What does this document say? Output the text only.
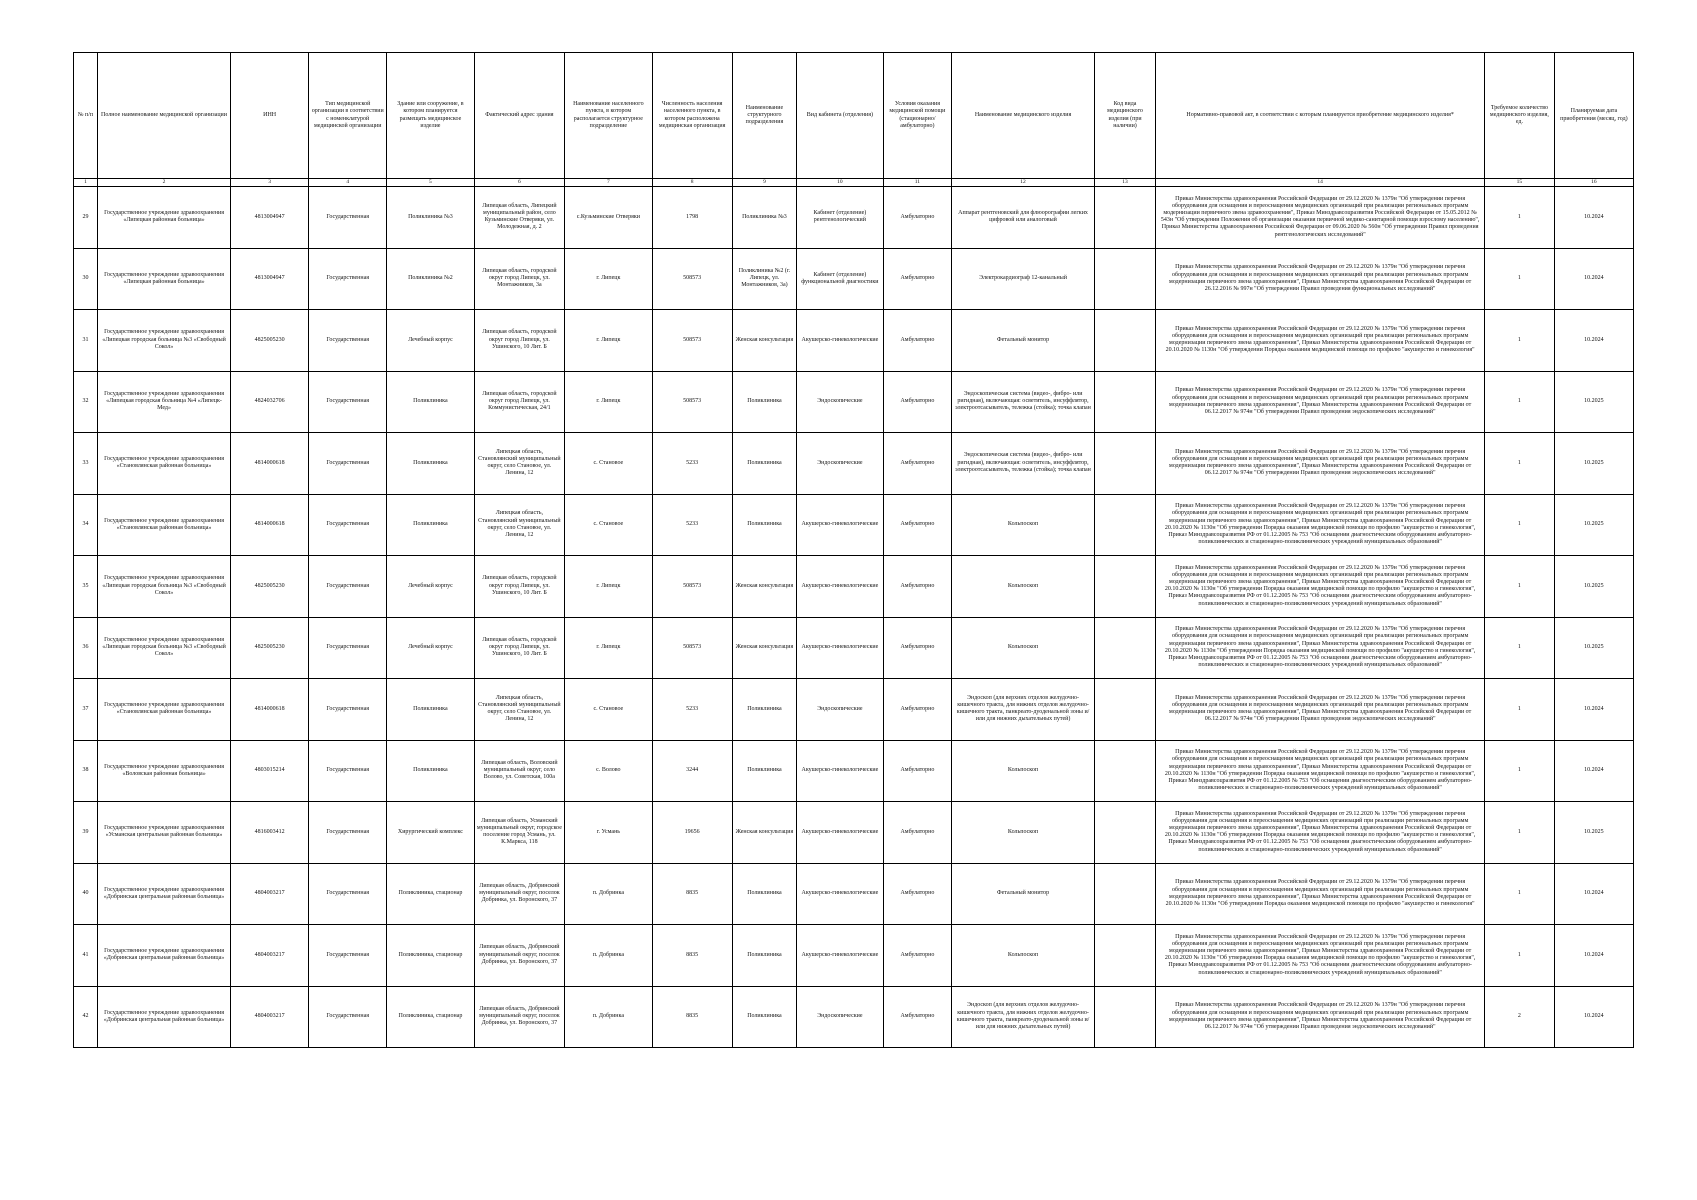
№ п/п	Полное наименование медицинской организации	ИНН	Тип медицинской организации в соответствии с номенклатурой медицинской организации	Здание или сооружение, в котором планируется размещать медицинское изделие	Фактический адрес здания	Наименование населенного пункта, в котором располагается структурное подразделение	Численность населения населенного пункта, в котором расположена медицинская организация	Наименование структурного подразделения	Вид кабинета (отделения)	Условия оказания медицинской помощи (стационарно/амбулаторно)	Наименование медицинского изделия	Код вида медицинского изделия (при наличии)	Нормативно-правовой акт, в соответствии с которым планируется приобретение медицинского изделия*	Требуемое количество медицинского изделия, ед.	Планируемая дата приобретения (месяц, год)
1	2	3	4	5	6	7	8	9	10	11	12	13	14	15	16
29	Государственное учреждение здравоохранения «Липецкая районная больница»	4813004947	Государственная	Поликлиника №3	Липецкая область, Липецкий муниципальный район, село Кузьминские Отверяки, ул. Молодежная, д. 2	с.Кузьминские Отверяки	1798	Поликлиника №3	Кабинет (отделение) рентгенологический	Амбулаторно	Аппарат рентгеновский для флюорографии легких цифровой или аналоговый		Приказ Министерства здравоохранения Российской Федерации от 29.12.2020 № 1379н "Об утверждении перечня оборудования для оснащения и переоснащения медицинских организаций при реализации региональных программ модернизации первичного звена здравоохранения", Приказ Минздравсоцразвития Российской Федерации от 15.05.2012 № 543н "Об утверждении Положения об организации оказания первичной медико-санитарной помощи взрослому населению", Приказ Министерства здравоохранения Российской Федерации от 09.06.2020 № 560н "Об утверждении Правил проведения рентгенологических исследований"	1	10.2024
30	Государственное учреждение здравоохранения «Липецкая районная больница»	4813004947	Государственная	Поликлиника №2	Липецкая область, городской округ город Липецк, ул. Монтажников, 3а	г. Липецк	508573	Поликлиника №2 (г. Липецк, ул. Монтажников, 3а)	Кабинет (отделение) функциональной диагностики	Амбулаторно	Электрокардиограф 12-канальный		Приказ Министерства здравоохранения Российской Федерации от 29.12.2020 № 1379н "Об утверждении перечня оборудования для оснащения и переоснащения медицинских организаций при реализации региональных программ модернизации первичного звена здравоохранения", Приказ Министерства здравоохранения Российской Федерации от 26.12.2016 № 997н "Об утверждении Правил проведения функциональных исследований"	1	10.2024
31	Государственное учреждение здравоохранения «Липецкая городская больница №3 «Свободный Сокол»	4825005230	Государственная	Лечебный корпус	Липецкая область, городской округ город Липецк, ул. Ушинского, 10 Лит. Б	г. Липецк	508573	Женская консультация	Акушерско-гинекологические	Амбулаторно	Фетальный монитор		Приказ Министерства здравоохранения Российской Федерации от 29.12.2020 № 1379н "Об утверждении перечня оборудования для оснащения и переоснащения медицинских организаций при реализации региональных программ модернизации первичного звена здравоохранения", Приказ Министерства здравоохранения Российской Федерации от 20.10.2020 № 1130н "Об утверждении Порядка оказания медицинской помощи по профилю "акушерство и гинекология"	1	10.2024
32	Государственное учреждение здравоохранения «Липецкая городская больница №4 «Липецк-Мед»	4824032706	Государственная	Поликлиника	Липецкая область, городской округ город Липецк, ул. Коммунистическая, 24/1	г. Липецк	508573	Поликлиника	Эндоскопические	Амбулаторно	Эндоскопическая система (видео-, фибро- или ригидная), включающая: осветитель, инсуффлятор, электроотсасыватель, тележка (стойка); точка клапан		Приказ Министерства здравоохранения Российской Федерации от 29.12.2020 № 1379н "Об утверждении перечня оборудования для оснащения и переоснащения медицинских организаций при реализации региональных программ модернизации первичного звена здравоохранения", Приказ Министерства здравоохранения Российской Федерации от 06.12.2017 № 974н "Об утверждении Правил проведения эндоскопических исследований"	1	10.2025
33	Государственное учреждение здравоохранения «Становлянская районная больница»	4814000618	Государственная	Поликлиника	Липецкая область, Становлянский муниципальный округ, село Становое, ул. Ленина, 12	с. Становое	5233	Поликлиника	Эндоскопические	Амбулаторно	Эндоскопическая система (видео-, фибро- или ригидная), включающая: осветитель, инсуффлятор, электроотсасыватель, тележка (стойка); точка клапан		Приказ Министерства здравоохранения Российской Федерации от 29.12.2020 № 1379н "Об утверждении перечня оборудования для оснащения и переоснащения медицинских организаций при реализации региональных программ модернизации первичного звена здравоохранения", Приказ Министерства здравоохранения Российской Федерации от 06.12.2017 № 974н "Об утверждении Правил проведения эндоскопических исследований"	1	10.2025
34	Государственное учреждение здравоохранения «Становлянская районная больница»	4814000618	Государственная	Поликлиника	Липецкая область, Становлянский муниципальный округ, село Становое, ул. Ленина, 12	с. Становое	5233	Поликлиника	Акушерско-гинекологические	Амбулаторно	Кольпоскоп		Приказ Министерства здравоохранения Российской Федерации от 29.12.2020 № 1379н "Об утверждении перечня оборудования для оснащения и переоснащения медицинских организаций при реализации региональных программ модернизации первичного звена здравоохранения", Приказ Министерства здравоохранения Российской Федерации от 20.10.2020 № 1130н "Об утверждении Порядка оказания медицинской помощи по профилю "акушерство и гинекология", Приказ Минздравсоцразвития РФ от 01.12.2005 № 753 "Об оснащении диагностическим оборудованием амбулаторно-поликлинических и стационарно-поликлинических учреждений муниципальных образований"	1	10.2025
35	Государственное учреждение здравоохранения «Липецкая городская больница №3 «Свободный Сокол»	4825005230	Государственная	Лечебный корпус	Липецкая область, городской округ город Липецк, ул. Ушинского, 10 Лит. Б	г. Липецк	508573	Женская консультация	Акушерско-гинекологические	Амбулаторно	Кольпоскоп		Приказ Министерства здравоохранения Российской Федерации от 29.12.2020 № 1379н "Об утверждении перечня оборудования для оснащения и переоснащения медицинских организаций при реализации региональных программ модернизации первичного звена здравоохранения", Приказ Министерства здравоохранения Российской Федерации от 20.10.2020 № 1130н "Об утверждении Порядка оказания медицинской помощи по профилю "акушерство и гинекология", Приказ Минздравсоцразвития РФ от 01.12.2005 № 753 "Об оснащении диагностическим оборудованием амбулаторно-поликлинических и стационарно-поликлинических учреждений муниципальных образований"	1	10.2025
36	Государственное учреждение здравоохранения «Липецкая городская больница №3 «Свободный Сокол»	4825005230	Государственная	Лечебный корпус	Липецкая область, городской округ город Липецк, ул. Ушинского, 10 Лит. Б	г. Липецк	508573	Женская консультация	Акушерско-гинекологические	Амбулаторно	Кольпоскоп		Приказ Министерства здравоохранения Российской Федерации от 29.12.2020 № 1379н "Об утверждении перечня оборудования для оснащения и переоснащения медицинских организаций при реализации региональных программ модернизации первичного звена здравоохранения", Приказ Министерства здравоохранения Российской Федерации от 20.10.2020 № 1130н "Об утверждении Порядка оказания медицинской помощи по профилю "акушерство и гинекология", Приказ Минздравсоцразвития РФ от 01.12.2005 № 753 "Об оснащении диагностическим оборудованием амбулаторно-поликлинических и стационарно-поликлинических учреждений муниципальных образований"	1	10.2025
37	Государственное учреждение здравоохранения «Становлянская районная больница»	4814000618	Государственная	Поликлиника	Липецкая область, Становлянский муниципальный округ, село Становое, ул. Ленина, 12	с. Становое	5233	Поликлиника	Эндоскопические	Амбулаторно	Эндоскоп (для верхних отделов желудочно-кишечного тракта, для нижних отделов желудочно-кишечного тракта, панкреато-дуоденальной зоны и/или для нижних дыхательных путей)		Приказ Министерства здравоохранения Российской Федерации от 29.12.2020 № 1379н "Об утверждении перечня оборудования для оснащения и переоснащения медицинских организаций при реализации региональных программ модернизации первичного звена здравоохранения", Приказ Министерства здравоохранения Российской Федерации от 06.12.2017 № 974н "Об утверждении Правил проведения эндоскопических исследований"	1	10.2024
38	Государственное учреждение здравоохранения «Воловская районная больница»	4803015214	Государственная	Поликлиника	Липецкая область, Воловский муниципальный округ, село Волово, ул. Советская, 100а	с. Волово	3244	Поликлиника	Акушерско-гинекологические	Амбулаторно	Кольпоскоп		Приказ Министерства здравоохранения Российской Федерации от 29.12.2020 № 1379н "Об утверждении перечня оборудования для оснащения и переоснащения медицинских организаций при реализации региональных программ модернизации первичного звена здравоохранения", Приказ Министерства здравоохранения Российской Федерации от 20.10.2020 № 1130н "Об утверждении Порядка оказания медицинской помощи по профилю "акушерство и гинекология", Приказ Минздравсоцразвития РФ от 01.12.2005 № 753 "Об оснащении диагностическим оборудованием амбулаторно-поликлинических и стационарно-поликлинических учреждений муниципальных образований"	1	10.2024
39	Государственное учреждение здравоохранения «Усманская центральная районная больница»	4816003412	Государственная	Хирургический комплекс	Липецкая область, Усманский муниципальный округ, городское поселение город Усмань, ул. К.Маркса, 118	г. Усмань	19656	Женская консультация	Акушерско-гинекологические	Амбулаторно	Кольпоскоп		Приказ Министерства здравоохранения Российской Федерации от 29.12.2020 № 1379н "Об утверждении перечня оборудования для оснащения и переоснащения медицинских организаций при реализации региональных программ модернизации первичного звена здравоохранения", Приказ Министерства здравоохранения Российской Федерации от 20.10.2020 № 1130н "Об утверждении Порядка оказания медицинской помощи по профилю "акушерство и гинекология", Приказ Минздравсоцразвития РФ от 01.12.2005 № 753 "Об оснащении диагностическим оборудованием амбулаторно-поликлинических и стационарно-поликлинических учреждений муниципальных образований"	1	10.2025
40	Государственное учреждение здравоохранения «Добринская центральная районная больница»	4804003217	Государственная	Поликлиника, стационар	Липецкая область, Добринский муниципальный округ, поселок Добринка, ул. Воронского, 37	п. Добринка	8835	Поликлиника	Акушерско-гинекологические	Амбулаторно	Фетальный монитор		Приказ Министерства здравоохранения Российской Федерации от 29.12.2020 № 1379н "Об утверждении перечня оборудования для оснащения и переоснащения медицинских организаций при реализации региональных программ модернизации первичного звена здравоохранения", Приказ Министерства здравоохранения Российской Федерации от 20.10.2020 № 1130н "Об утверждении Порядка оказания медицинской помощи по профилю "акушерство и гинекология"	1	10.2024
41	Государственное учреждение здравоохранения «Добринская центральная районная больница»	4804003217	Государственная	Поликлиника, стационар	Липецкая область, Добринский муниципальный округ, поселок Добринка, ул. Воронского, 37	п. Добринка	8835	Поликлиника	Акушерско-гинекологические	Амбулаторно	Кольпоскоп		Приказ Министерства здравоохранения Российской Федерации от 29.12.2020 № 1379н "Об утверждении перечня оборудования для оснащения и переоснащения медицинских организаций при реализации региональных программ модернизации первичного звена здравоохранения", Приказ Министерства здравоохранения Российской Федерации от 20.10.2020 № 1130н "Об утверждении Порядка оказания медицинской помощи по профилю "акушерство и гинекология", Приказ Минздравсоцразвития РФ от 01.12.2005 № 753 "Об оснащении диагностическим оборудованием амбулаторно-поликлинических и стационарно-поликлинических учреждений муниципальных образований"	1	10.2024
42	Государственное учреждение здравоохранения «Добринская центральная районная больница»	4804003217	Государственная	Поликлиника, стационар	Липецкая область, Добринский муниципальный округ, поселок Добринка, ул. Воронского, 37	п. Добринка	8835	Поликлиника	Эндоскопические	Амбулаторно	Эндоскоп (для верхних отделов желудочно-кишечного тракта, для нижних отделов желудочно-кишечного тракта, панкреато-дуоденальной зоны и/или для нижних дыхательных путей)		Приказ Министерства здравоохранения Российской Федерации от 29.12.2020 № 1379н "Об утверждении перечня оборудования для оснащения и переоснащения медицинских организаций при реализации региональных программ модернизации первичного звена здравоохранения", Приказ Министерства здравоохранения Российской Федерации от 06.12.2017 № 974н "Об утверждении Правил проведения эндоскопических исследований"	2	10.2024
